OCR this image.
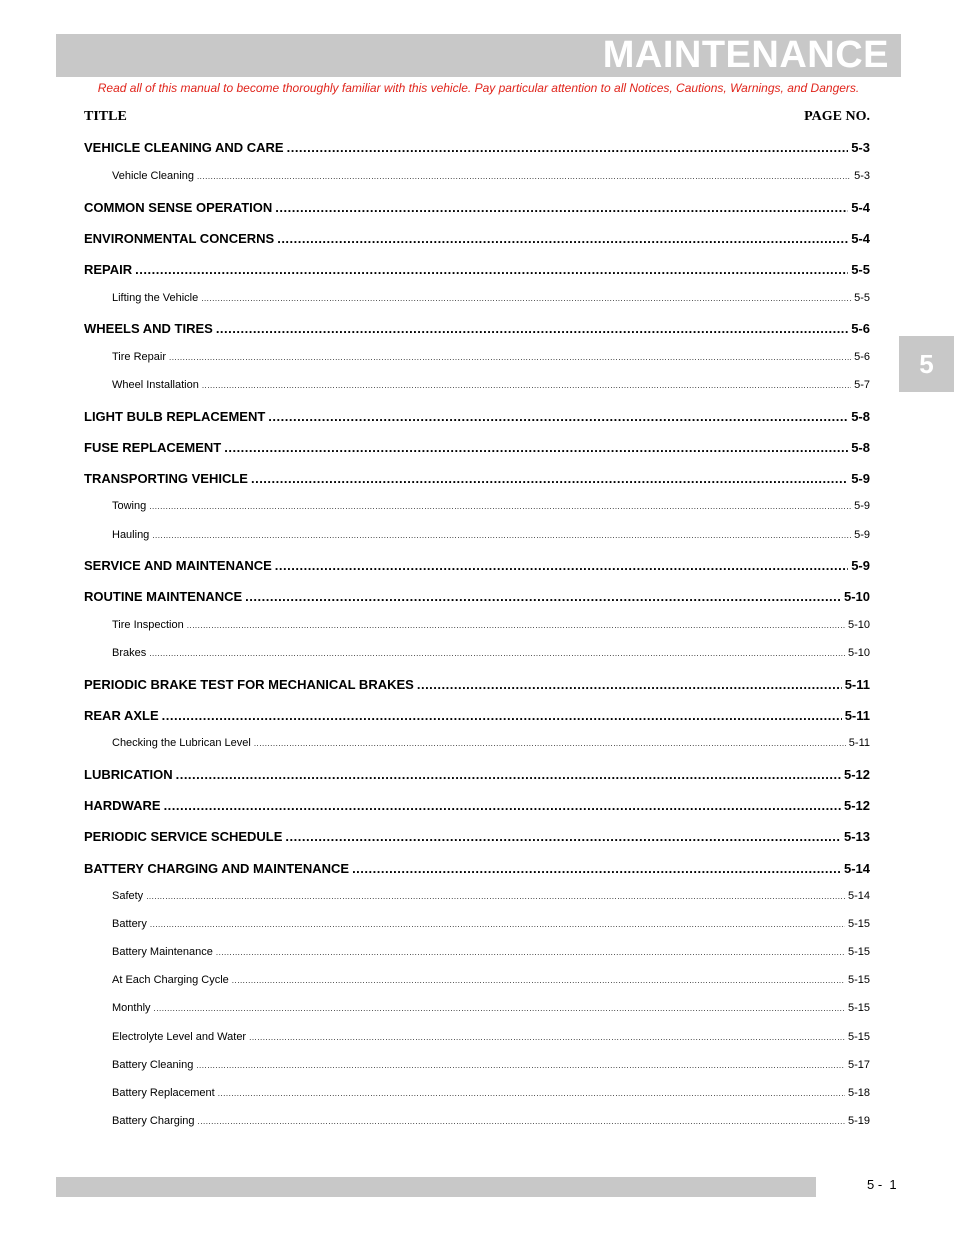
MAINTENANCE
Read all of this manual to become thoroughly familiar with this vehicle. Pay particular attention to all Notices, Cautions, Warnings, and Dangers.
TITLE	PAGE NO.
VEHICLE CLEANING AND CARE .....	5-3
Vehicle Cleaning .....	5-3
COMMON SENSE OPERATION .....	5-4
ENVIRONMENTAL CONCERNS .....	5-4
REPAIR .....	5-5
Lifting the Vehicle .....	5-5
WHEELS AND TIRES .....	5-6
Tire Repair .....	5-6
Wheel Installation .....	5-7
LIGHT BULB REPLACEMENT .....	5-8
FUSE REPLACEMENT .....	5-8
TRANSPORTING VEHICLE .....	5-9
Towing .....	5-9
Hauling .....	5-9
SERVICE AND MAINTENANCE .....	5-9
ROUTINE MAINTENANCE .....	5-10
Tire Inspection .....	5-10
Brakes .....	5-10
PERIODIC BRAKE TEST FOR MECHANICAL BRAKES .....	5-11
REAR AXLE .....	5-11
Checking the Lubrican Level .....	5-11
LUBRICATION .....	5-12
HARDWARE .....	5-12
PERIODIC SERVICE SCHEDULE .....	5-13
BATTERY CHARGING AND MAINTENANCE .....	5-14
Safety .....	5-14
Battery .....	5-15
Battery Maintenance .....	5-15
At Each Charging Cycle .....	5-15
Monthly .....	5-15
Electrolyte Level and Water .....	5-15
Battery Cleaning .....	5-17
Battery Replacement .....	5-18
Battery Charging .....	5-19
5
5 -  1
